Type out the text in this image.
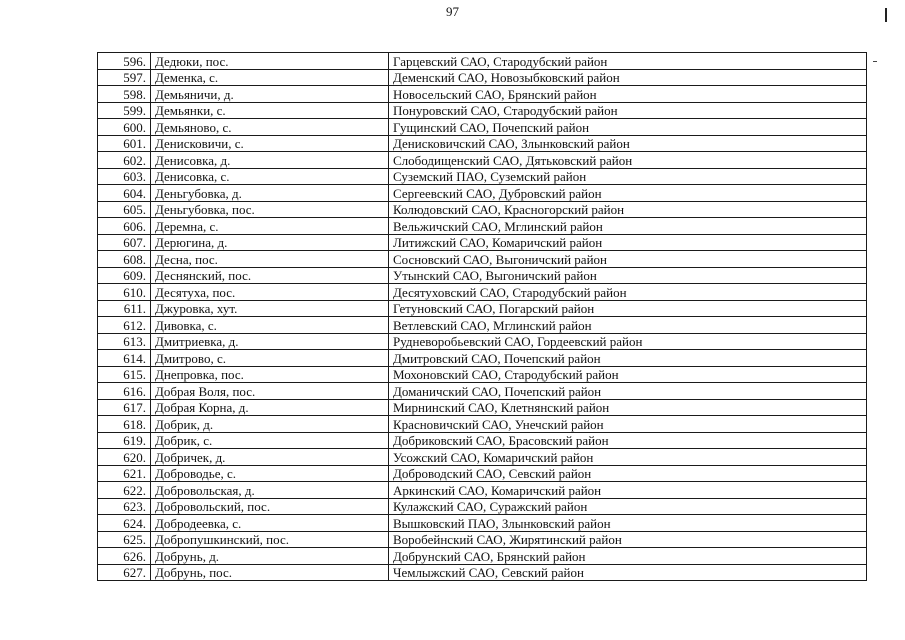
97
596.	Дедюки, пос.	Гарцевский САО, Стародубский район
597.	Деменка, с.	Деменский САО, Новозыбковский район
598.	Демьяничи, д.	Новосельский САО, Брянский район
599.	Демьянки, с.	Понуровский САО, Стародубский район
600.	Демьяново, с.	Гущинский САО, Почепский район
601.	Денисковичи, с.	Денисковичский САО, Злынковский район
602.	Денисовка, д.	Слободищенский САО, Дятьковский район
603.	Денисовка, с.	Суземский ПАО, Суземский район
604.	Деньгубовка, д.	Сергеевский САО, Дубровский район
605.	Деньгубовка, пос.	Колюдовский САО, Красногорский район
606.	Деремна, с.	Вельжичский САО, Мглинский район
607.	Дерюгина, д.	Литижский САО, Комаричский район
608.	Десна, пос.	Сосновский САО, Выгоничский район
609.	Деснянский, пос.	Утынский САО, Выгоничский район
610.	Десятуха, пос.	Десятуховский САО, Стародубский район
611.	Джуровка, хут.	Гетуновский САО, Погарский район
612.	Дивовка, с.	Ветлевский САО, Мглинский район
613.	Дмитриевка, д.	Рудневоробьевский САО, Гордеевский район
614.	Дмитрово, с.	Дмитровский САО, Почепский район
615.	Днепровка, пос.	Мохоновский САО, Стародубский район
616.	Добрая Воля, пос.	Доманичский САО, Почепский район
617.	Добрая Корна, д.	Мирнинский САО, Клетнянский район
618.	Добрик, д.	Красновичский САО, Унечский район
619.	Добрик, с.	Добриковский САО, Брасовский район
620.	Добричек, д.	Усожский САО, Комаричский район
621.	Доброводье, с.	Доброводский САО, Севский район
622.	Добровольская, д.	Аркинский САО, Комаричский район
623.	Добровольский, пос.	Кулажский САО, Суражский район
624.	Добродеевка, с.	Вышковский ПАО, Злынковский район
625.	Добропушкинский, пос.	Воробейнский САО, Жирятинский район
626.	Добрунь, д.	Добрунский САО, Брянский район
627.	Добрунь, пос.	Чемлыжский САО, Севский район
